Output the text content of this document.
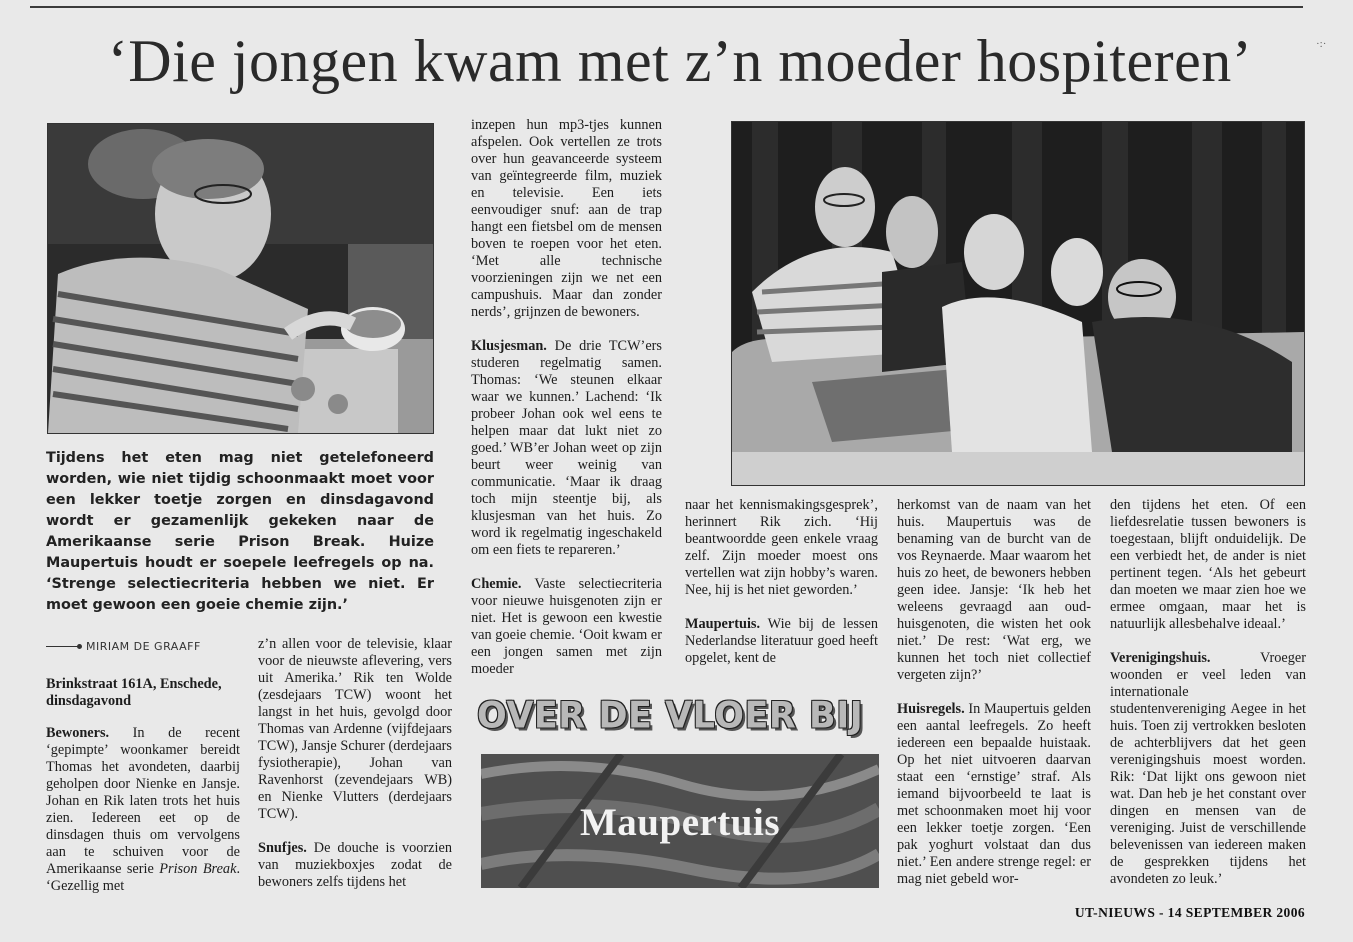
·:·
‘Die jongen kwam met z’n moeder hospiteren’
Tijdens het eten mag niet getelefoneerd worden, wie niet tijdig schoonmaakt moet voor een lekker toetje zorgen en dinsdagavond wordt er gezamenlijk gekeken naar de Amerikaanse serie Prison Break. Huize Maupertuis houdt er soepele leefregels op na. ‘Strenge selectiecriteria hebben we niet. Er moet gewoon een goeie chemie zijn.’
MIRIAM DE GRAAFF
Brinkstraat 161A, Enschede, dinsdagavond

Bewoners. In de recent ‘gepimpte’ woonkamer bereidt Thomas het avondeten, daarbij geholpen door Nienke en Jansje. Johan en Rik laten trots het huis zien. Iedereen eet op de dinsdagen thuis om vervolgens aan te schuiven voor de Amerikaanse serie Prison Break. ‘Gezellig met

z’n allen voor de televisie, klaar voor de nieuwste aflevering, vers uit Amerika.’ Rik ten Wolde (zesdejaars TCW) woont het langst in het huis, gevolgd door Thomas van Ardenne (vijfdejaars TCW), Jansje Schurer (derdejaars fysiotherapie), Johan van Ravenhorst (zevendejaars WB) en Nienke Vlutters (derdejaars TCW).

Snufjes. De douche is voorzien van muziekboxjes zodat de bewoners zelfs tijdens het

inzepen hun mp3-tjes kunnen afspelen. Ook vertellen ze trots over hun geavanceerde systeem van geïntegreerde film, muziek en televisie. Een iets eenvoudiger snuf: aan de trap hangt een fietsbel om de mensen boven te roepen voor het eten. ‘Met alle technische voorzieningen zijn we net een campushuis. Maar dan zonder nerds’, grijnzen de bewoners.

Klusjesman. De drie TCW’ers studeren regelmatig samen. Thomas: ‘We steunen elkaar waar we kunnen.’ Lachend: ‘Ik probeer Johan ook wel eens te helpen maar dat lukt niet zo goed.’ WB’er Johan weet op zijn beurt weer weinig van communicatie. ‘Maar ik draag toch mijn steentje bij, als klusjesman van het huis. Zo word ik regelmatig ingeschakeld om een fiets te repareren.’

Chemie. Vaste selectiecriteria voor nieuwe huisgenoten zijn er niet. Het is gewoon een kwestie van goeie chemie. ‘Ooit kwam er een jongen samen met zijn moeder

naar het kennismakingsgesprek’, herinnert Rik zich. ‘Hij beantwoordde geen enkele vraag zelf. Zijn moeder moest ons vertellen wat zijn hobby’s waren. Nee, hij is het niet geworden.’

Maupertuis. Wie bij de lessen Nederlandse literatuur goed heeft opgelet, kent de

herkomst van de naam van het huis. Maupertuis was de benaming van de burcht van de vos Reynaerde. Maar waarom het huis zo heet, de bewoners hebben geen idee. Jansje: ‘Ik heb het weleens gevraagd aan oud-huisgenoten, die wisten het ook niet.’ De rest: ‘Wat erg, we kunnen het toch niet collectief vergeten zijn?’

Huisregels. In Maupertuis gelden een aantal leefregels. Zo heeft iedereen een bepaalde huistaak. Op het niet uitvoeren daarvan staat een ‘ernstige’ straf. Als iemand bijvoorbeeld te laat is met schoonmaken moet hij voor een lekker toetje zorgen. ‘Een pak yoghurt volstaat dan dus niet.’ Een andere strenge regel: er mag niet gebeld wor-

den tijdens het eten. Of een liefdesrelatie tussen bewoners is toegestaan, blijft onduidelijk. De een verbiedt het, de ander is niet pertinent tegen. ‘Als het gebeurt dan moeten we maar zien hoe we ermee omgaan, maar het is natuurlijk allesbehalve ideaal.’

Verenigingshuis. Vroeger woonden er veel leden van internationale studentenvereniging Aegee in het huis. Toen zij vertrokken besloten de achterblijvers dat het geen verenigingshuis moest worden. Rik: ‘Dat lijkt ons gewoon niet wat. Dan heb je het constant over dingen en mensen van de vereniging. Juist de verschillende belevenissen van iedereen maken de gesprekken tijdens het avondeten zo leuk.’

OVER DE VLOER BIJ
Maupertuis
UT-NIEUWS - 14 SEPTEMBER 2006
